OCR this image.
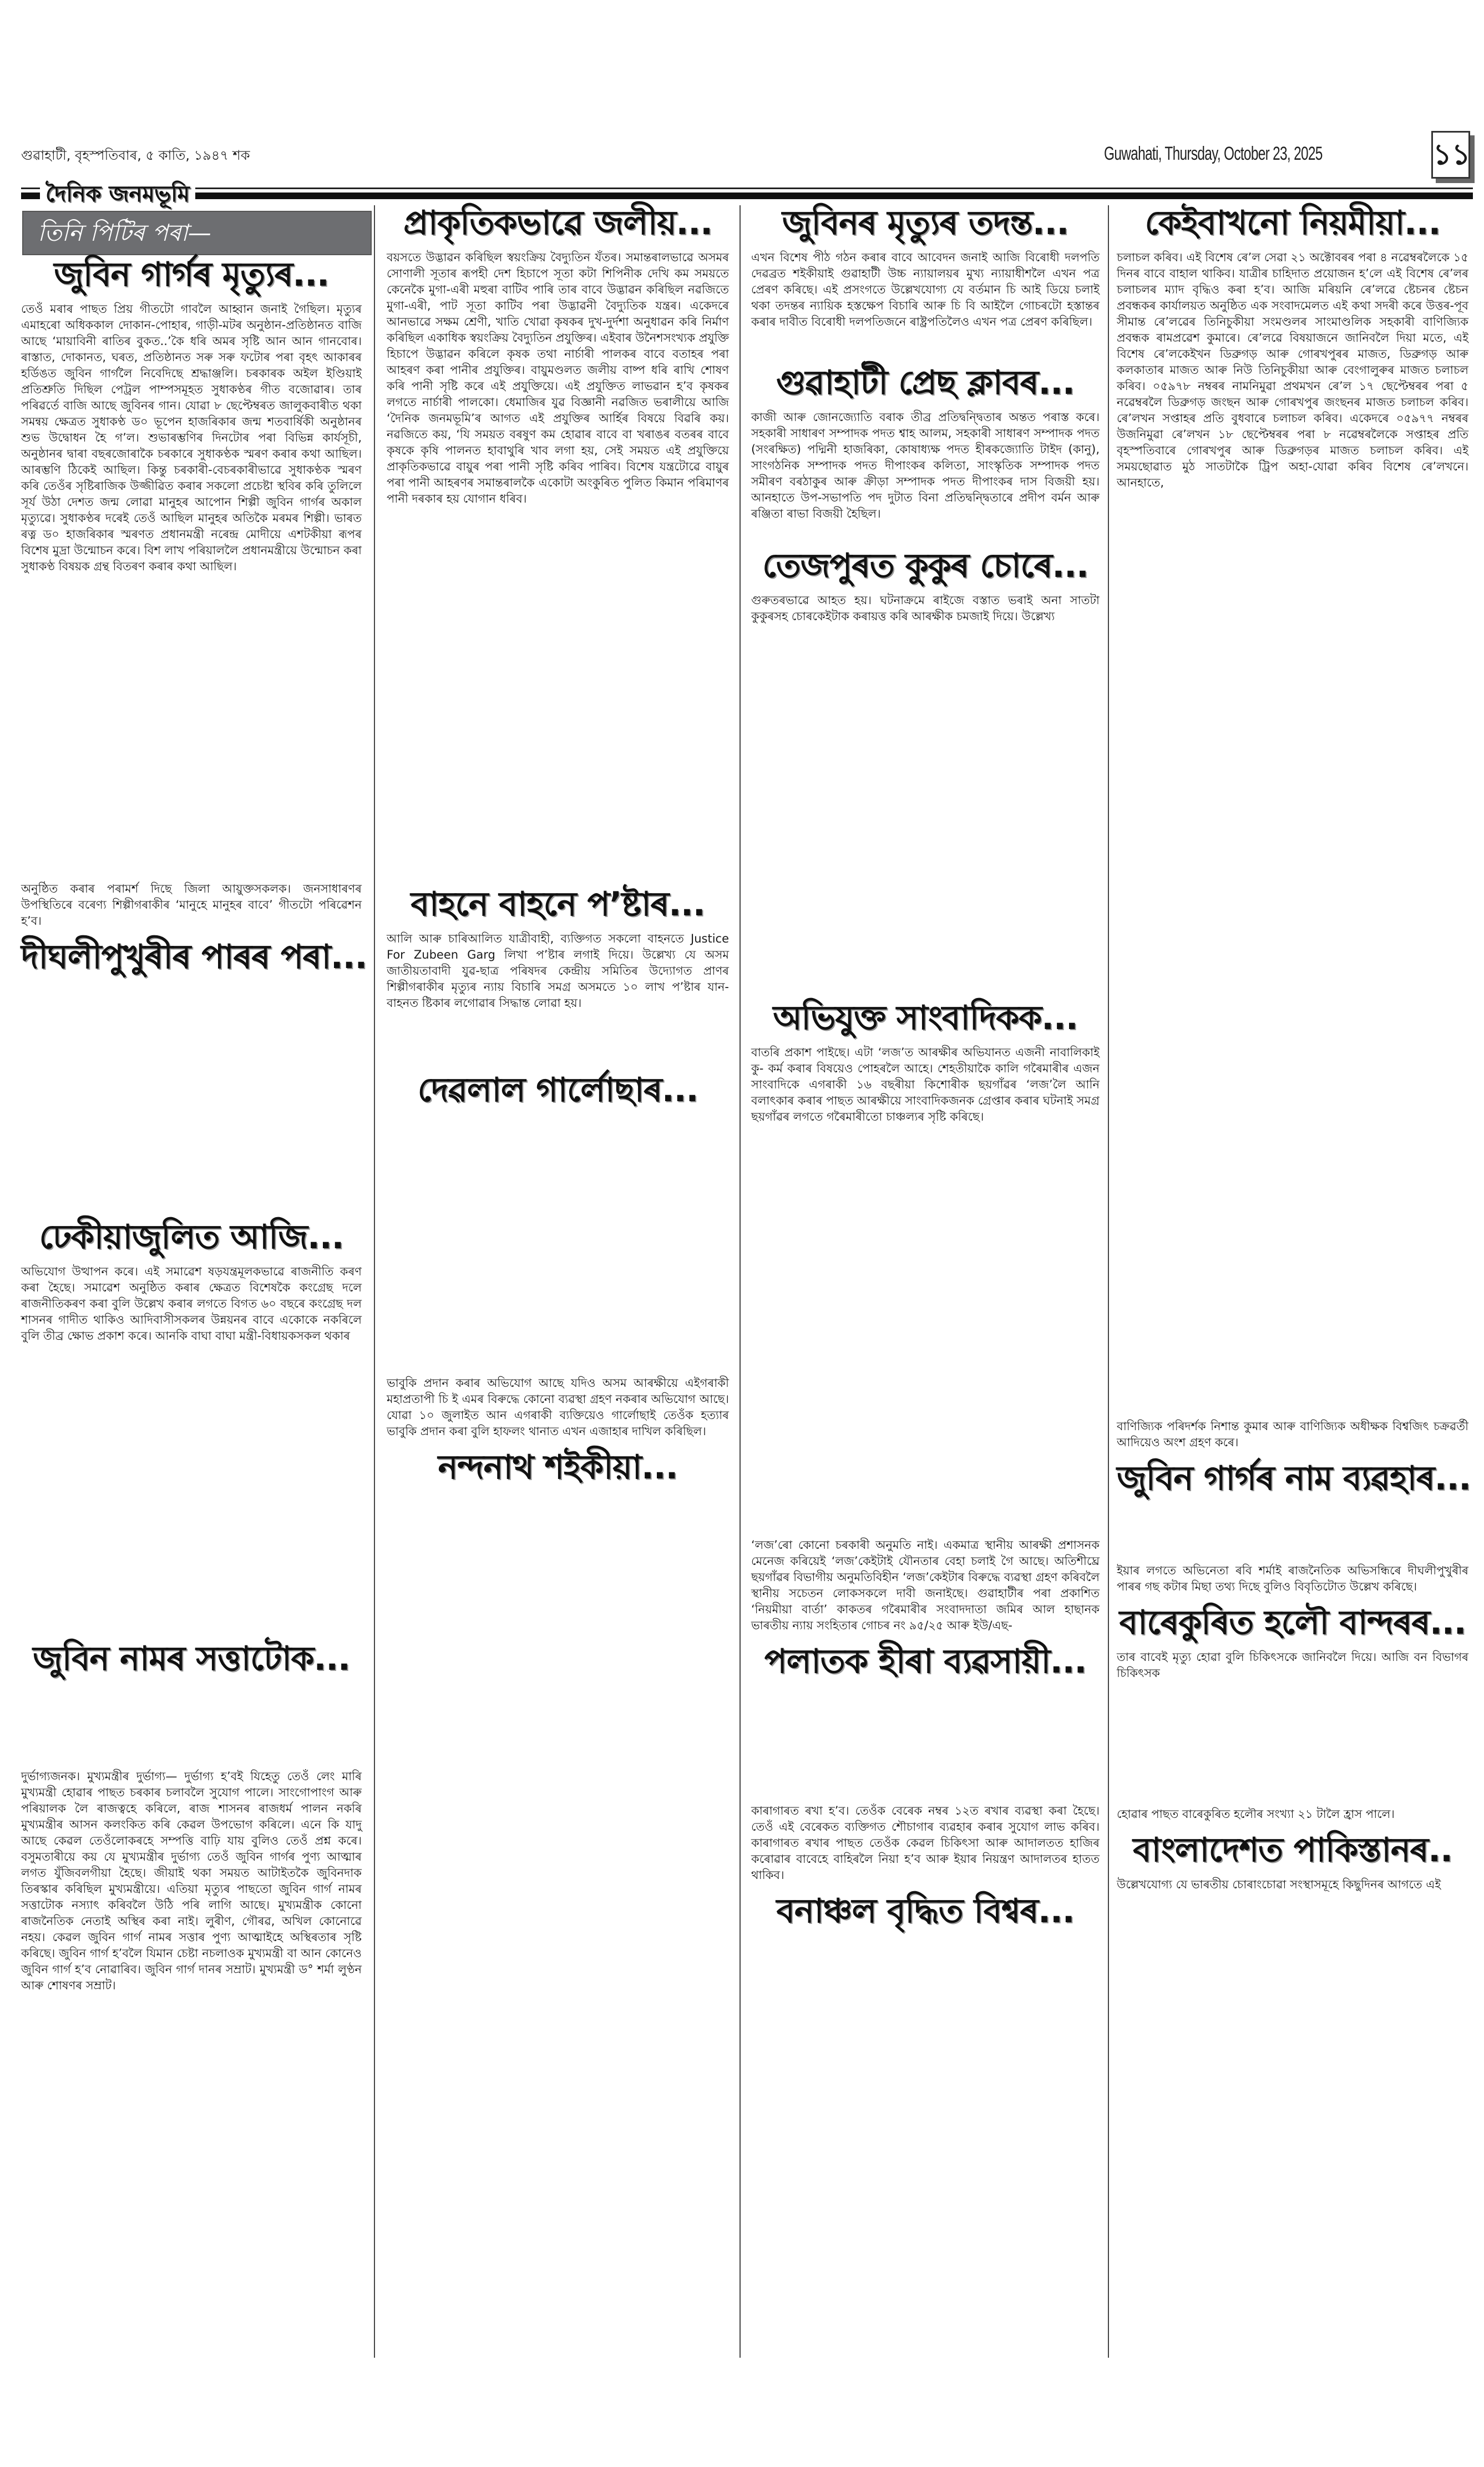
গুৱাহাটী, বৃহস্পতিবাৰ, ৫ কাতি, ১৯৪৭ শক	Guwahati, Thursday, October 23, 2025	১১
দৈনিক জনমভূমি
তিনি পিটিৰ পৰা—
জুবিন গাৰ্গৰ মৃত্যুৰ...

তেওঁ মৰাৰ পাছত প্ৰিয় গীতটো গাবলৈ আহ্বান জনাই গৈছিল। মৃত্যুৰ এমাহৰো অধিককাল দোকান-পোহাৰ, গাড়ী-মটৰ অনুষ্ঠান-প্ৰতিষ্ঠানত বাজি আছে ‘মায়াবিনী ৰাতিৰ বুকত..’কৈ ধৰি অমৰ সৃষ্টি আন আন গানবোৰ। ৰাস্তাত, দোকানত, ঘৰত, প্ৰতিষ্ঠানত সৰু সৰু ফটোৰ পৰা বৃহৎ আকাৰৰ হৰ্ডিঙত জুবিন গাৰ্গলৈ নিবেদিছে শ্ৰদ্ধাঞ্জলি। চৰকাৰক অইল ইণ্ডিয়াই প্ৰতিশ্ৰুতি দিছিল পেট্ৰল পাম্পসমূহত সুধাকণ্ঠৰ গীত বজোৱাৰ। তাৰ পৰিৱৰ্তে বাজি আছে জুবিনৰ গান। যোৱা ৮ ছেপ্টেম্বৰত জালুকবাৰীত থকা সমন্বয় ক্ষেত্ৰত সুধাকণ্ঠ ড০ ভূপেন হাজৰিকাৰ জন্ম শতবাৰ্ষিকী অনুষ্ঠানৰ শুভ উদ্বোধন হৈ গ’ল। শুভাৰম্ভণিৰ দিনটোৰ পৰা বিভিন্ন কাৰ্যসূচী, অনুষ্ঠানৰ দ্বাৰা বছৰজোৰাকৈ চৰকাৰে সুধাকণ্ঠক স্মৰণ কৰাৰ কথা আছিল। আৰম্ভণি ঠিকেই আছিল। কিন্তু চৰকাৰী-বেচৰকাৰীভাৱে সুধাকণ্ঠক স্মৰণ কৰি তেওঁৰ সৃষ্টিৰাজিক উজ্জীৱিত কৰাৰ সকলো প্ৰচেষ্টা স্থবিৰ কৰি তুলিলে সূৰ্য উঠা দেশত জন্ম লোৱা মানুহৰ আপোন শিল্পী জুবিন গাৰ্গৰ অকাল মৃত্যুৱে। সুধাকণ্ঠৰ দৰেই তেওঁ আছিল মানুহৰ অতিকৈ মৰমৰ শিল্পী। ভাৰত ৰত্ন ড০ হাজৰিকাৰ স্মৰণত প্ৰধানমন্ত্ৰী নৰেন্দ্ৰ মোদীয়ে এশটকীয়া ৰূপৰ বিশেষ মুদ্ৰা উন্মোচন কৰে। বিশ লাখ পৰিয়াললৈ প্ৰধানমন্ত্ৰীয়ে উন্মোচন কৰা সুধাকণ্ঠ বিষয়ক গ্ৰন্থ বিতৰণ কৰাৰ কথা আছিল।

অনুষ্ঠিত কৰাৰ পৰামৰ্শ দিছে জিলা আয়ুক্তসকলক। জনসাধাৰণৰ উপস্থিতিৰে বৰেণ্য শিল্পীগৰাকীৰ ‘মানুহে মানুহৰ বাবে’ গীতটো পৰিৱেশন হ’ব।

দীঘলীপুখুৰীৰ পাৰৰ পৰা...
ঢেকীয়াজুলিত আজি...

অভিযোগ উত্থাপন কৰে। এই সমাৱেশ ষড়যন্ত্ৰমূলকভাৱে ৰাজনীতি কৰণ কৰা হৈছে। সমাৱেশ অনুষ্ঠিত কৰাৰ ক্ষেত্ৰত বিশেষকৈ কংগ্ৰেছ দলে ৰাজনীতিকৰণ কৰা বুলি উল্লেখ কৰাৰ লগতে বিগত ৬০ বছৰে কংগ্ৰেছ দল শাসনৰ গাদীত থাকিও আদিবাসীসকলৰ উন্নয়নৰ বাবে একোকে নকৰিলে বুলি তীব্ৰ ক্ষোভ প্ৰকাশ কৰে। আনকি বাঘা বাঘা মন্ত্ৰী-বিধায়কসকল থকাৰ

জুবিন নামৰ সত্তাটোক...

দুৰ্ভাগ্যজনক। মুখ্যমন্ত্ৰীৰ দুৰ্ভাগ্য— দুৰ্ভাগ্য হ’বই যিহেতু তেওঁ লেং মাৰি মুখ্যমন্ত্ৰী হোৱাৰ পাছত চৰকাৰ চলাবলৈ সুযোগ পালে। সাংগোপাংগ আৰু পৰিয়ালক লৈ ৰাজত্বহে কৰিলে, ৰাজ শাসনৰ ৰাজধৰ্ম পালন নকৰি মুখ্যমন্ত্ৰীৰ আসন কলংকিত কৰি কেৱল উপভোগ কৰিলে। এনে কি যাদু আছে কেৱল তেওঁলোকৰহে সম্পত্তি বাঢ়ি যায় বুলিও তেওঁ প্ৰশ্ন কৰে। বসুমতাৰীয়ে কয় যে মুখ্যমন্ত্ৰীৰ দুৰ্ভাগ্য তেওঁ জুবিন গাৰ্গৰ পুণ্য আত্মাৰ লগত যুঁজিবলগীয়া হৈছে। জীয়াই থকা সময়ত আটাইতকৈ জুবিনদাক তিৰস্কাৰ কৰিছিল মুখ্যমন্ত্ৰীয়ে। এতিয়া মৃত্যুৰ পাছতো জুবিন গাৰ্গ নামৰ সত্তাটোক নস্যাৎ কৰিবলৈ উঠি পৰি লাগি আছে। মুখ্যমন্ত্ৰীক কোনো ৰাজনৈতিক নেতাই অস্থিৰ কৰা নাই। লুৰীণ, গৌৰৱ, অখিল কোনোৱে নহয়। কেৱল জুবিন গাৰ্গ নামৰ সত্তাৰ পুণ্য আত্মাইহে অস্থিৰতাৰ সৃষ্টি কৰিছে। জুবিন গাৰ্গ হ’বলৈ যিমান চেষ্টা নচলাওক মুখ্যমন্ত্ৰী বা আন কোনেও জুবিন গাৰ্গ হ’ব নোৱাৰিব। জুবিন গাৰ্গ দানৰ সম্ৰাট। মুখ্যমন্ত্ৰী ড° শৰ্মা লুণ্ঠন আৰু শোষণৰ সম্ৰাট।

প্ৰাকৃতিকভাৱে জলীয়...

বয়সতে উদ্ভাৱন কৰিছিল স্বয়ংক্ৰিয় বৈদ্যুতিন যঁতৰ। সমান্তৰালভাৱে অসমৰ সোণালী সূতাৰ ৰূপহী দেশ হিচাপে সূতা কটা শিপিনীক দেখি কম সময়তে কেনেকৈ মুগা-এৰী মহুৰা বাটিব পাৰি তাৰ বাবে উদ্ভাৱন কৰিছিল নৱজিতে মুগা-এৰী, পাট সূতা কাটিব পৰা উদ্ভাৱনী বৈদ্যুতিক যন্ত্ৰৰ। একেদৰে আনভাৱে সক্ষম শ্ৰেণী, খাতি খোৱা কৃষকৰ দুখ-দুৰ্দশা অনুধাৱন কৰি নিৰ্মাণ কৰিছিল একাধিক স্বয়ংক্ৰিয় বৈদ্যুতিন প্ৰযুক্তিৰ। এইবাৰ উনৈশসংখ্যক প্ৰযুক্তি হিচাপে উদ্ভাৱন কৰিলে কৃষক তথা নাৰ্চাৰী পালকৰ বাবে বতাহৰ পৰা আহৰণ কৰা পানীৰ প্ৰযুক্তিৰ। বায়ুমণ্ডলত জলীয় বাষ্প ধৰি ৰাখি শোষণ কৰি পানী সৃষ্টি কৰে এই প্ৰযুক্তিয়ে। এই প্ৰযুক্তিত লাভৱান হ’ব কৃষকৰ লগতে নাৰ্চাৰী পালকো। ধেমাজিৰ যুৱ বিজ্ঞানী নৱজিত ভৰালীয়ে আজি ‘দৈনিক জনমভূমি’ৰ আগত এই প্ৰযুক্তিৰ আৰ্হিৰ বিষয়ে বিৱৰি কয়। নৱজিতে কয়, ‘যি সময়ত বৰষুণ কম হোৱাৰ বাবে বা খৰাঙৰ বতৰৰ বাবে কৃষকে কৃষি পালনত হাবাথুৰি খাব লগা হয়, সেই সময়ত এই প্ৰযুক্তিয়ে প্ৰাকৃতিকভাৱে বায়ুৰ পৰা পানী সৃষ্টি কৰিব পাৰিব। বিশেষ যন্ত্ৰটোৱে বায়ুৰ পৰা পানী আহৰণৰ সমান্তৰালকৈ একোটা অংকুৰিত পুলিত কিমান পৰিমাণৰ পানী দৰকাৰ হয় যোগান ধৰিব।

বাহনে বাহনে প’ষ্টাৰ...

আলি আৰু চাৰিআলিত যাত্ৰীবাহী, ব্যক্তিগত সকলো বাহনতে Justice For Zubeen Garg লিখা প’ষ্টাৰ লগাই দিয়ে। উল্লেখ্য যে অসম জাতীয়তাবাদী যুৱ-ছাত্ৰ পৰিষদৰ কেন্দ্ৰীয় সমিতিৰ উদ্যোগত প্ৰাণৰ শিল্পীগৰাকীৰ মৃত্যুৰ ন্যায় বিচাৰি সমগ্ৰ অসমতে ১০ লাখ প’ষ্টাৰ যান-বাহনত ষ্টিকাৰ লগোৱাৰ সিদ্ধান্ত লোৱা হয়।

দেৱলাল গাৰ্লোছাৰ...

ভাবুকি প্ৰদান কৰাৰ অভিযোগ আছে যদিও অসম আৰক্ষীয়ে এইগৰাকী মহাপ্ৰতাপী চি ই এমৰ বিৰুদ্ধে কোনো ব্যৱস্থা গ্ৰহণ নকৰাৰ অভিযোগ আছে। যোৱা ১০ জুলাইত আন এগৰাকী ব্যক্তিয়েও গাৰ্লোছাই তেওঁক হত্যাৰ ভাবুকি প্ৰদান কৰা বুলি হাফলং থানাত এখন এজাহাৰ দাখিল কৰিছিল।

নন্দনাথ শইকীয়া...
জুবিনৰ মৃত্যুৰ তদন্ত...

এখন বিশেষ পীঠ গঠন কৰাৰ বাবে আবেদন জনাই আজি বিৰোধী দলপতি দেৱব্ৰত শইকীয়াই গুৱাহাটী উচ্চ ন্যায়ালয়ৰ মুখ্য ন্যায়াধীশলৈ এখন পত্ৰ প্ৰেৰণ কৰিছে। এই প্ৰসংগতে উল্লেখযোগ্য যে বৰ্তমান চি আই ডিয়ে চলাই থকা তদন্তৰ ন্যায়িক হস্তক্ষেপ বিচাৰি আৰু চি বি আইলৈ গোচৰটো হস্তান্তৰ কৰাৰ দাবীত বিৰোধী দলপতিজনে ৰাষ্ট্ৰপতিলৈও এখন পত্ৰ প্ৰেৰণ কৰিছিল।

গুৱাহাটী প্ৰেছ ক্লাবৰ...

কাজী আৰু জোনজ্যোতি বৰাক তীব্ৰ প্ৰতিদ্বন্দ্বিতাৰ অন্তত পৰাস্ত কৰে। সহকাৰী সাধাৰণ সম্পাদক পদত শ্বাহ আলম, সহকাৰী সাধাৰণ সম্পাদক পদত (সংৰক্ষিত) পদ্মিনী হাজৰিকা, কোষাধ্যক্ষ পদত হীৰকজ্যোতি টাইদ (কানু), সাংগঠনিক সম্পাদক পদত দীপাংকৰ কলিতা, সাংস্কৃতিক সম্পাদক পদত সমীৰণ বৰঠাকুৰ আৰু ক্ৰীড়া সম্পাদক পদত দীপাংকৰ দাস বিজয়ী হয়। আনহাতে উপ-সভাপতি পদ দুটাত বিনা প্ৰতিদ্বন্দ্বিতাৰে প্ৰদীপ বৰ্মন আৰু ৰঞ্জিতা ৰাভা বিজয়ী হৈছিল।

তেজপুৰত কুকুৰ চোৰে...

গুৰুতৰভাৱে আহত হয়। ঘটনাক্ৰমে ৰাইজে বস্তাত ভৰাই অনা সাতটা কুকুৰসহ চোৰকেইটাক কৰায়ত্ত কৰি আৰক্ষীক চমজাই দিয়ে। উল্লেখ্য

অভিযুক্ত সাংবাদিকক...

বাতৰি প্ৰকাশ পাইছে। এটা ‘লজ’ত আৰক্ষীৰ অভিযানত এজনী নাবালিকাই কু- কৰ্ম কৰাৰ বিষয়েও পোহৰলৈ আহে। শেহতীয়াকৈ কালি গৰৈমাৰীৰ এজন সাংবাদিকে এগৰাকী ১৬ বছৰীয়া কিশোৰীক ছয়গাঁৱৰ ‘লজ’লৈ আনি বলাৎকাৰ কৰাৰ পাছত আৰক্ষীয়ে সাংবাদিকজনক গ্ৰেপ্তাৰ কৰাৰ ঘটনাই সমগ্ৰ ছয়গাঁৱৰ লগতে গৰৈমাৰীতো চাঞ্চল্যৰ সৃষ্টি কৰিছে।

‘লজ’ৰো কোনো চৰকাৰী অনুমতি নাই। একমাত্ৰ স্থানীয় আৰক্ষী প্ৰশাসনক মেনেজ কৰিয়েই ‘লজ’কেইটাই যৌনতাৰ বেহা চলাই গৈ আছে। অতিশীঘ্ৰে ছয়গাঁৱৰ বিভাগীয় অনুমতিবিহীন ‘লজ’কেইটাৰ বিৰুদ্ধে ব্যৱস্থা গ্ৰহণ কৰিবলৈ স্থানীয় সচেতন লোকসকলে দাবী জনাইছে। গুৱাহাটীৰ পৰা প্ৰকাশিত ‘নিয়মীয়া বাৰ্তা’ কাকতৰ গৰৈমাৰীৰ সংবাদদাতা জমিৰ আল হাছানক ভাৰতীয় ন্যায় সংহিতাৰ গোচৰ নং ৯৫/২৫ আৰু ইউ/এছ-

পলাতক হীৰা ব্যৱসায়ী...

কাৰাগাৰত ৰখা হ’ব। তেওঁক বেৰেক নম্বৰ ১২ত ৰখাৰ ব্যৱস্থা কৰা হৈছে। তেওঁ এই বেৰেকত ব্যক্তিগত শৌচাগাৰ ব্যৱহাৰ কৰাৰ সুযোগ লাভ কৰিব। কাৰাগাৰত ৰখাৰ পাছত তেওঁক কেৱল চিকিৎসা আৰু আদালতত হাজিৰ কৰোৱাৰ বাবেহে বাহিৰলৈ নিয়া হ’ব আৰু ইয়াৰ নিয়ন্ত্ৰণ আদালতৰ হাতত থাকিব।

বনাঞ্চল বৃদ্ধিত বিশ্বৰ...
কেইবাখনো নিয়মীয়া...

চলাচল কৰিব। এই বিশেষ ৰে’ল সেৱা ২১ অক্টোবৰৰ পৰা ৪ নৱেম্বৰলৈকে ১৫ দিনৰ বাবে বাহাল থাকিব। যাত্ৰীৰ চাহিদাত প্ৰয়োজন হ’লে এই বিশেষ ৰে’লৰ চলাচলৰ ম্যাদ বৃদ্ধিও কৰা হ’ব। আজি মৰিয়নি ৰে’লৱে ষ্টেচনৰ ষ্টেচন প্ৰবন্ধকৰ কাৰ্যালয়ত অনুষ্ঠিত এক সংবাদমেলত এই কথা সদৰী কৰে উত্তৰ-পূব সীমান্ত ৰে’লৱেৰ তিনিচুকীয়া সংমণ্ডলৰ সাংমাণ্ডলিক সহকাৰী বাণিজ্যিক প্ৰবন্ধক ৰামপ্ৰৱেশ কুমাৰে। ৰে’লৱে বিষয়াজনে জানিবলৈ দিয়া মতে, এই বিশেষ ৰে’লকেইখন ডিব্ৰুগড় আৰু গোৰখপুৰৰ মাজত, ডিব্ৰুগড় আৰু কলকাতাৰ মাজত আৰু নিউ তিনিচুকীয়া আৰু বেংগালুৰুৰ মাজত চলাচল কৰিব। ০৫৯৭৮ নম্বৰৰ নামনিমুৱা প্ৰথমখন ৰে’ল ১৭ ছেপ্টেম্বৰৰ পৰা ৫ নৱেম্বৰলৈ ডিব্ৰুগড় জংছন আৰু গোৰখপুৰ জংছনৰ মাজত চলাচল কৰিব। ৰে’লখন সপ্তাহৰ প্ৰতি বুধবাৰে চলাচল কৰিব। একেদৰে ০৫৯৭৭ নম্বৰৰ উজনিমুৱা ৰে’লখন ১৮ ছেপ্টেম্বৰৰ পৰা ৮ নৱেম্বৰলৈকে সপ্তাহৰ প্ৰতি বৃহস্পতিবাৰে গোৰখপুৰ আৰু ডিব্ৰুগড়ৰ মাজত চলাচল কৰিব। এই সময়ছোৱাত মুঠ সাতটাকৈ ট্ৰিপ অহা-যোৱা কৰিব বিশেষ ৰে’লখনে। আনহাতে,

বাণিজ্যিক পৰিদৰ্শক নিশান্ত কুমাৰ আৰু বাণিজ্যিক অধীক্ষক বিশ্বজিৎ চক্ৰৱৰ্তী আদিয়েও অংশ গ্ৰহণ কৰে।

জুবিন গাৰ্গৰ নাম ব্যৱহাৰ...

ইয়াৰ লগতে অভিনেতা ৰবি শৰ্মাই ৰাজনৈতিক অভিসন্ধিৰে দীঘলীপুখুৰীৰ পাৰৰ গছ কটাৰ মিছা তথ্য দিছে বুলিও বিবৃতিটোত উল্লেখ কৰিছে।

বাৰেকুৰিত হলৌ বান্দৰৰ...

তাৰ বাবেই মৃত্যু হোৱা বুলি চিকিৎসকে জানিবলৈ দিয়ে। আজি বন বিভাগৰ চিকিৎসক

হোৱাৰ পাছত বাৰেকুৰিত হলৌৰ সংখ্যা ২১ টালৈ হ্ৰাস পালে।

বাংলাদেশত পাকিস্তানৰ..

উল্লেখযোগ্য যে ভাৰতীয় চোৰাংচোৱা সংস্থাসমূহে কিছুদিনৰ আগতে এই
